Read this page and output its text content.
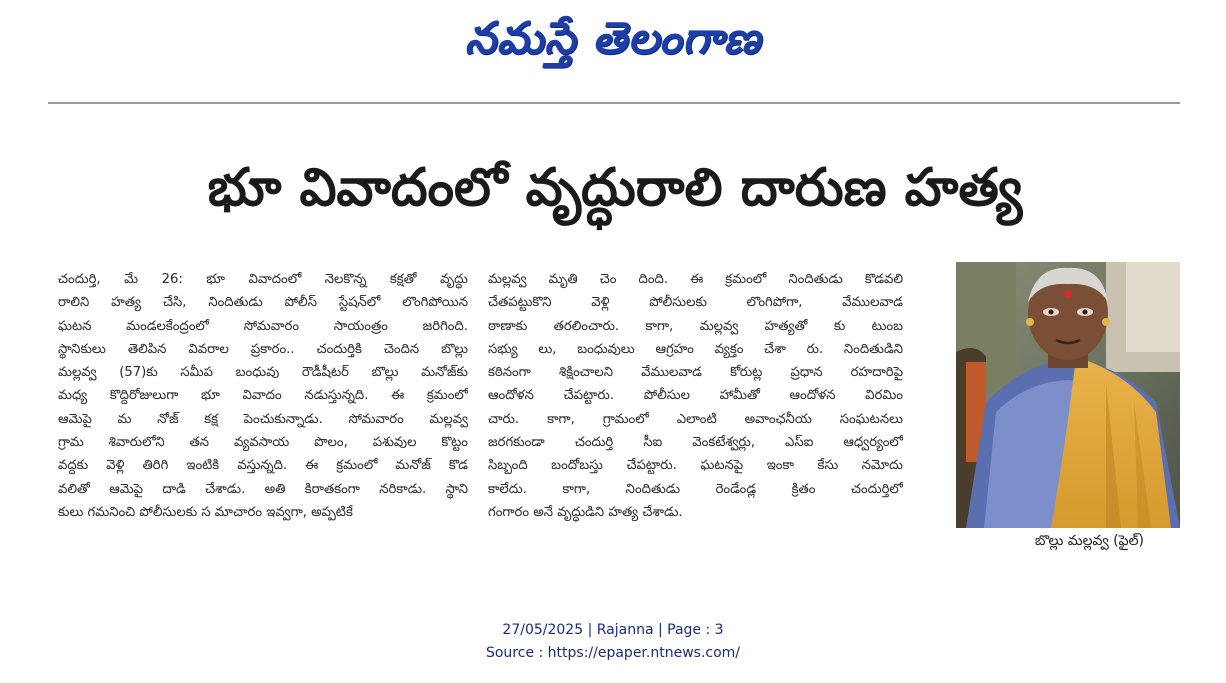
నమస్తే తెలంగాణ
భూ వివాదంలో వృద్ధురాలి దారుణ హత్య
చందుర్తి, మే 26: భూ వివాదంలో నెలకొన్న కక్షతో వృద్ధు
రాలిని హత్య చేసి, నిందితుడు పోలీస్ స్టేషన్‌లో లొంగిపోయిన
ఘటన మండలకేంద్రంలో సోమవారం సాయంత్రం జరిగింది.
స్థానికులు తెలిపిన వివరాల ప్రకారం.. చందుర్తికి చెందిన బొల్లు
మల్లవ్వ (57)కు సమీప బంధువు రౌడీషీటర్ బొల్లు మనోజ్‌కు
మధ్య కొద్దిరోజులుగా భూ వివాదం నడుస్తున్నది. ఈ క్రమంలో
ఆమెపై మ నోజ్ కక్ష పెంచుకున్నాడు. సోమవారం మల్లవ్వ
గ్రామ శివారులోని తన వ్యవసాయ పొలం, పశువుల కొట్టం
వద్దకు వెళ్లి తిరిగి ఇంటికి వస్తున్నది. ఈ క్రమంలో మనోజ్ కొడ
వలితో ఆమెపై దాడి చేశాడు. అతి కిరాతకంగా నరికాడు. స్థాని
కులు గమనించి పోలీసులకు స మాచారం ఇవ్వగా, అప్పటికే
మల్లవ్వ మృతి చెం దింది. ఈ క్రమంలో నిందితుడు కొడవలి
చేతపట్టుకొని వెళ్లి పోలీసులకు లొంగిపోగా, వేములవాడ
ఠాణాకు తరలించారు. కాగా, మల్లవ్వ హత్యతో కు టుంబ
సభ్యు లు, బంధువులు ఆగ్రహం వ్యక్తం చేశా రు. నిందితుడిని
కఠినంగా శిక్షించాలని వేములవాడ కోరుట్ల ప్రధాన రహదారిపై
ఆందోళన చేపట్టారు. పోలీసుల హామీతో ఆందోళన విరమిం
చారు. కాగా, గ్రామంలో ఎలాంటి అవాంఛనీయ సంఘటనలు
జరగకుండా చందుర్తి సీఐ వెంకటేశ్వర్లు, ఎస్ఐ ఆధ్వర్యంలో
సిబ్బంది బందోబస్తు చేపట్టారు. ఘటనపై ఇంకా కేసు నమోదు
కాలేదు. కాగా, నిందితుడు రెండేండ్ల క్రితం చందుర్తిలో
గంగారం అనే వృద్ధుడిని హత్య చేశాడు.
బొల్లు మల్లవ్వ (ఫైల్)
27/05/2025 | Rajanna | Page : 3
Source : https://epaper.ntnews.com/
